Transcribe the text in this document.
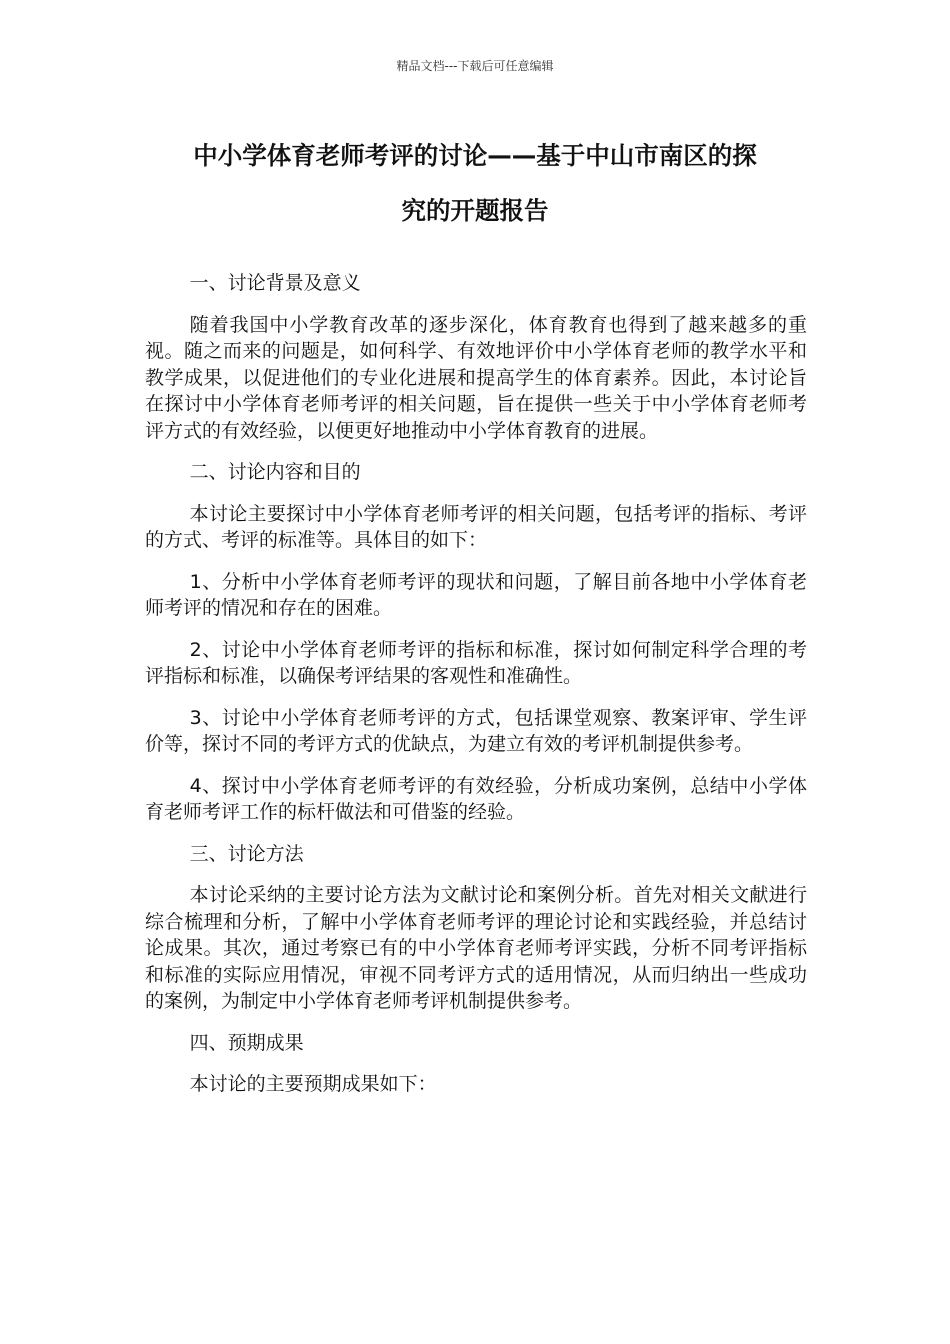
精品文档---下载后可任意编辑
中小学体育老师考评的讨论——基于中山市南区的探
究的开题报告

一、讨论背景及意义

随着我国中小学教育改革的逐步深化，体育教育也得到了越来越多的重视。随之而来的问题是，如何科学、有效地评价中小学体育老师的教学水平和教学成果，以促进他们的专业化进展和提高学生的体育素养。因此，本讨论旨在探讨中小学体育老师考评的相关问题，旨在提供一些关于中小学体育老师考评方式的有效经验，以便更好地推动中小学体育教育的进展。

二、讨论内容和目的

本讨论主要探讨中小学体育老师考评的相关问题，包括考评的指标、考评的方式、考评的标准等。具体目的如下：

1、分析中小学体育老师考评的现状和问题，了解目前各地中小学体育老师考评的情况和存在的困难。

2、讨论中小学体育老师考评的指标和标准，探讨如何制定科学合理的考评指标和标准，以确保考评结果的客观性和准确性。

3、讨论中小学体育老师考评的方式，包括课堂观察、教案评审、学生评价等，探讨不同的考评方式的优缺点，为建立有效的考评机制提供参考。

4、探讨中小学体育老师考评的有效经验，分析成功案例，总结中小学体育老师考评工作的标杆做法和可借鉴的经验。

三、讨论方法

本讨论采纳的主要讨论方法为文献讨论和案例分析。首先对相关文献进行综合梳理和分析，了解中小学体育老师考评的理论讨论和实践经验，并总结讨论成果。其次，通过考察已有的中小学体育老师考评实践，分析不同考评指标和标准的实际应用情况，审视不同考评方式的适用情况，从而归纳出一些成功的案例，为制定中小学体育老师考评机制提供参考。

四、预期成果

本讨论的主要预期成果如下：
